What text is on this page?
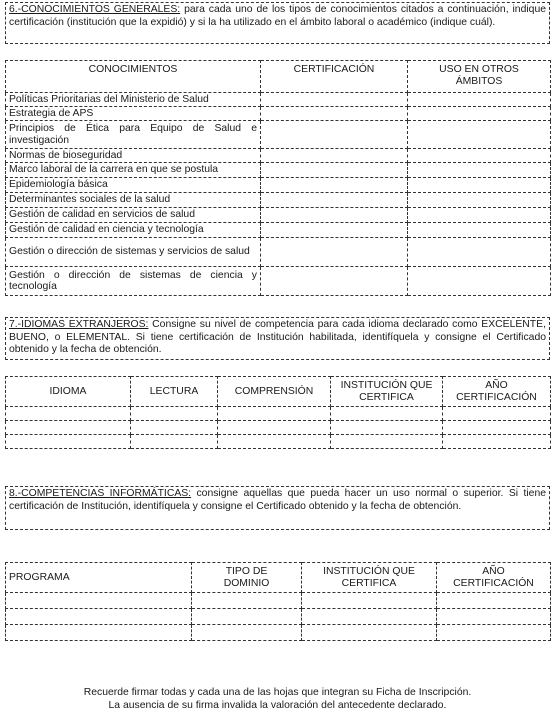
6.-CONOCIMIENTOS GENERALES: para cada uno de los tipos de conocimientos citados a continuación, indique certificación (institución que la expidió) y si la ha utilizado en el ámbito laboral o académico (indique cuál).
CONOCIMIENTOS	CERTIFICACIÓN	USO EN OTROS ÁMBITOS
Políticas Prioritarias del Ministerio de Salud		
Estrategia de APS		
Principios de Ética para Equipo de Salud e investigación		
Normas de bioseguridad		
Marco laboral de la carrera en que se postula		
Epidemiología básica		
Determinantes sociales de la salud		
Gestión de calidad en servicios de salud		
Gestión de calidad en ciencia y tecnología		
Gestión o dirección de sistemas y servicios de salud		
Gestión o dirección de sistemas de ciencia y tecnología		
7.-IDIOMAS EXTRANJEROS: Consigne su nivel de competencia para cada idioma declarado como EXCELENTE, BUENO, o ELEMENTAL. Si tiene certificación de Institución habilitada, identifíquela y consigne el Certificado obtenido y la fecha de obtención.
IDIOMA	LECTURA	COMPRENSIÓN	INSTITUCIÓN QUE CERTIFICA	AÑO CERTIFICACIÓN

8.-COMPETENCIAS INFORMÁTICAS: consigne aquellas que pueda hacer un uso normal o superior. Si tiene certificación de Institución, identifíquela y consigne el Certificado obtenido y la fecha de obtención.
PROGRAMA	TIPO DE DOMINIO	INSTITUCIÓN QUE CERTIFICA	AÑO CERTIFICACIÓN

Recuerde firmar todas y cada una de las hojas que integran su Ficha de Inscripción.
La ausencia de su firma invalida la valoración del antecedente declarado.
